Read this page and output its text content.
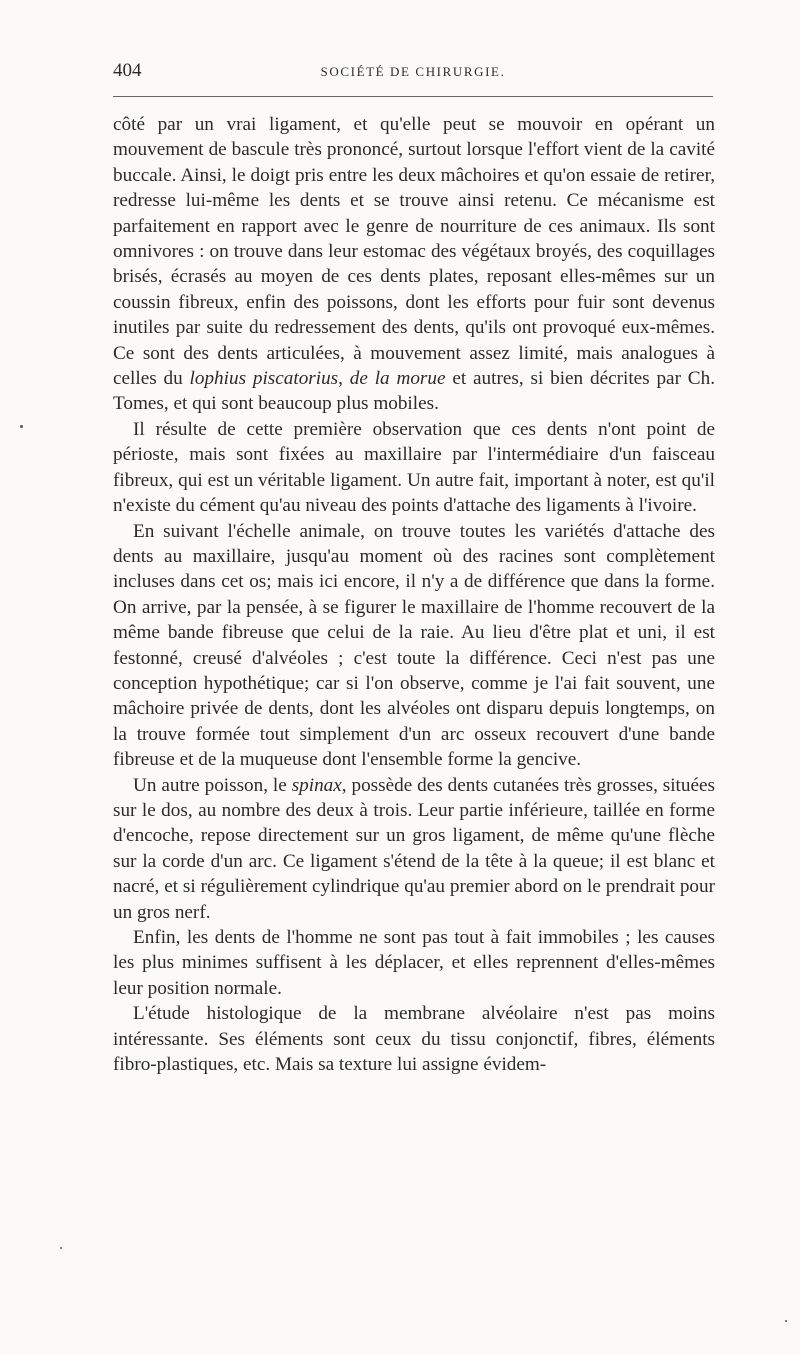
404	SOCIÉTÉ DE CHIRURGIE.

côté par un vrai ligament, et qu'elle peut se mouvoir en opérant un mouvement de bascule très prononcé, surtout lorsque l'effort vient de la cavité buccale. Ainsi, le doigt pris entre les deux mâchoires et qu'on essaie de retirer, redresse lui-même les dents et se trouve ainsi retenu. Ce mécanisme est parfaitement en rapport avec le genre de nourriture de ces animaux. Ils sont omnivores : on trouve dans leur estomac des végétaux broyés, des coquillages brisés, écrasés au moyen de ces dents plates, reposant elles-mêmes sur un coussin fibreux, enfin des poissons, dont les efforts pour fuir sont devenus inutiles par suite du redressement des dents, qu'ils ont provoqué eux-mêmes. Ce sont des dents articulées, à mouvement assez limité, mais analogues à celles du lophius piscatorius, de la morue et autres, si bien décrites par Ch. Tomes, et qui sont beaucoup plus mobiles.

Il résulte de cette première observation que ces dents n'ont point de périoste, mais sont fixées au maxillaire par l'intermédiaire d'un faisceau fibreux, qui est un véritable ligament. Un autre fait, important à noter, est qu'il n'existe du cément qu'au niveau des points d'attache des ligaments à l'ivoire.

En suivant l'échelle animale, on trouve toutes les variétés d'attache des dents au maxillaire, jusqu'au moment où des racines sont complètement incluses dans cet os; mais ici encore, il n'y a de différence que dans la forme. On arrive, par la pensée, à se figurer le maxillaire de l'homme recouvert de la même bande fibreuse que celui de la raie. Au lieu d'être plat et uni, il est festonné, creusé d'alvéoles ; c'est toute la différence. Ceci n'est pas une conception hypothétique; car si l'on observe, comme je l'ai fait souvent, une mâchoire privée de dents, dont les alvéoles ont disparu depuis longtemps, on la trouve formée tout simplement d'un arc osseux recouvert d'une bande fibreuse et de la muqueuse dont l'ensemble forme la gencive.

Un autre poisson, le spinax, possède des dents cutanées très grosses, situées sur le dos, au nombre des deux à trois. Leur partie inférieure, taillée en forme d'encoche, repose directement sur un gros ligament, de même qu'une flèche sur la corde d'un arc. Ce ligament s'étend de la tête à la queue; il est blanc et nacré, et si régulièrement cylindrique qu'au premier abord on le prendrait pour un gros nerf.

Enfin, les dents de l'homme ne sont pas tout à fait immobiles ; les causes les plus minimes suffisent à les déplacer, et elles reprennent d'elles-mêmes leur position normale.

L'étude histologique de la membrane alvéolaire n'est pas moins intéressante. Ses éléments sont ceux du tissu conjonctif, fibres, éléments fibro-plastiques, etc. Mais sa texture lui assigne évidem-
